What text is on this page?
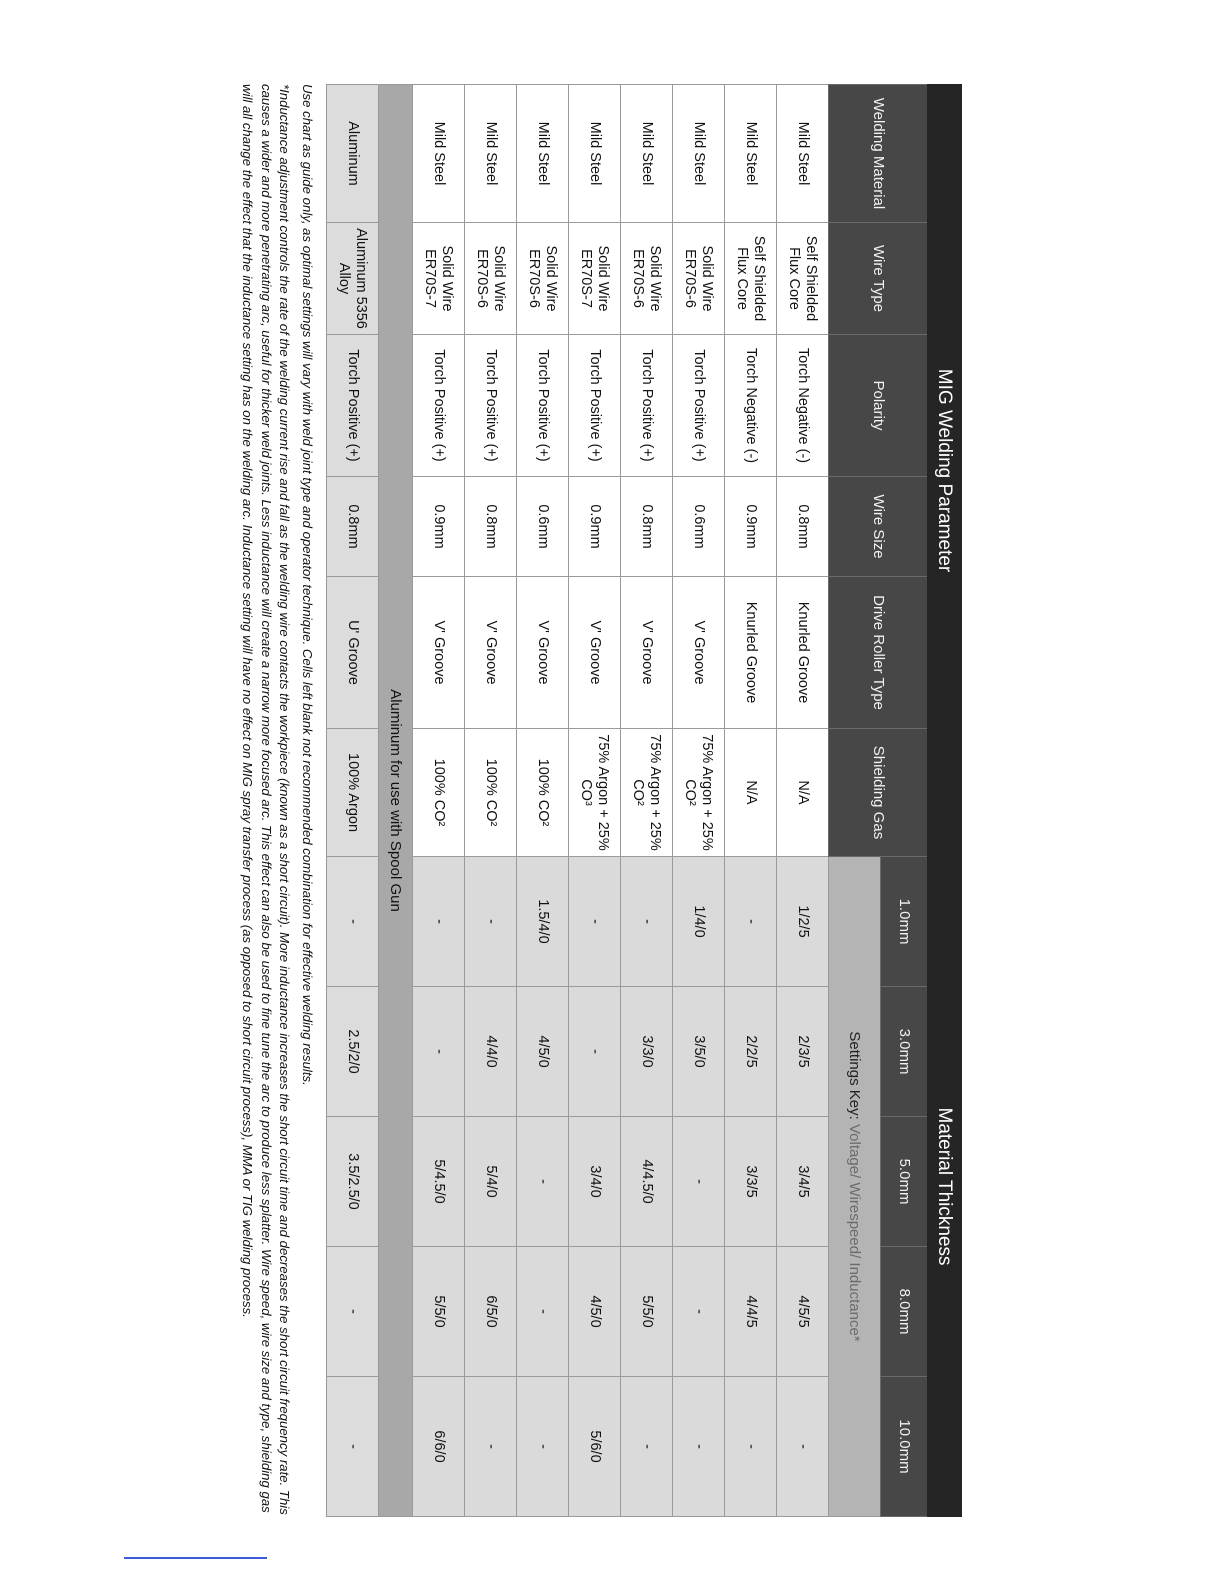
MIG Welding Parameter						Material Thickness				
Welding Material	Wire Type	Polarity	Wire Size	Drive Roller Type	Shielding Gas	1.0mm	3.0mm	5.0mm	8.0mm	10.0mm
						Settings Key: Voltage/ Wirespeed/ Inductance*				
Mild Steel	Self Shielded Flux Core	Torch Negative (-)	0.8mm	Knurled Groove	N/A	1/2/5	2/3/5	3/4/5	4/5/5	-
Mild Steel	Self Shielded Flux Core	Torch Negative (-)	0.9mm	Knurled Groove	N/A	-	2/2/5	3/3/5	4/4/5	-
Mild Steel	Solid Wire ER70S-6	Torch Positive (+)	0.6mm	V' Groove	75% Argon + 25% CO²	1/4/0	3/5/0	-	-	-
Mild Steel	Solid Wire ER70S-6	Torch Positive (+)	0.8mm	V' Groove	75% Argon + 25% CO²	-	3/3/0	4/4.5/0	5/5/0	-
Mild Steel	Solid Wire ER70S-7	Torch Positive (+)	0.9mm	V' Groove	75% Argon + 25% CO³	-	-	3/4/0	4/5/0	5/6/0
Mild Steel	Solid Wire ER70S-6	Torch Positive (+)	0.6mm	V' Groove	100% CO²	1.5/4/0	4/5/0	-	-	-
Mild Steel	Solid Wire ER70S-6	Torch Positive (+)	0.8mm	V' Groove	100% CO²	-	4/4/0	5/4/0	6/5/0	-
Mild Steel	Solid Wire ER70S-7	Torch Positive (+)	0.9mm	V' Groove	100% CO²	-	-	5/4.5/0	5/5/0	6/6/0
Aluminum for use with Spool Gun										
Aluminum	Aluminum 5356 Alloy	Torch Positive (+)	0.8mm	U' Groove	100% Argon	-	2.5/2/0	3.5/2.5/0	-	-

Use chart as guide only, as optimal settings will vary with weld joint type and operator technique. Cells left blank not recommended combination for effective welding results.

*Inductance adjustment controls the rate of the welding current rise and fall as the welding wire contacts the workpiece (known as a short circuit). More inductance increases the short circuit time and decreases the short circuit frequency rate. This causes a wider and more penetrating arc, useful for thicker weld joints. Less inductance will create a narrow more focused arc. This effect can also be used to fine tune the arc to produce less splatter. Wire speed, wire size and type, shielding gas will all change the effect that the inductance setting has on the welding arc. Inductance setting will have no effect on MIG spray transfer process (as opposed to short circuit process), MMA or TIG welding process.
